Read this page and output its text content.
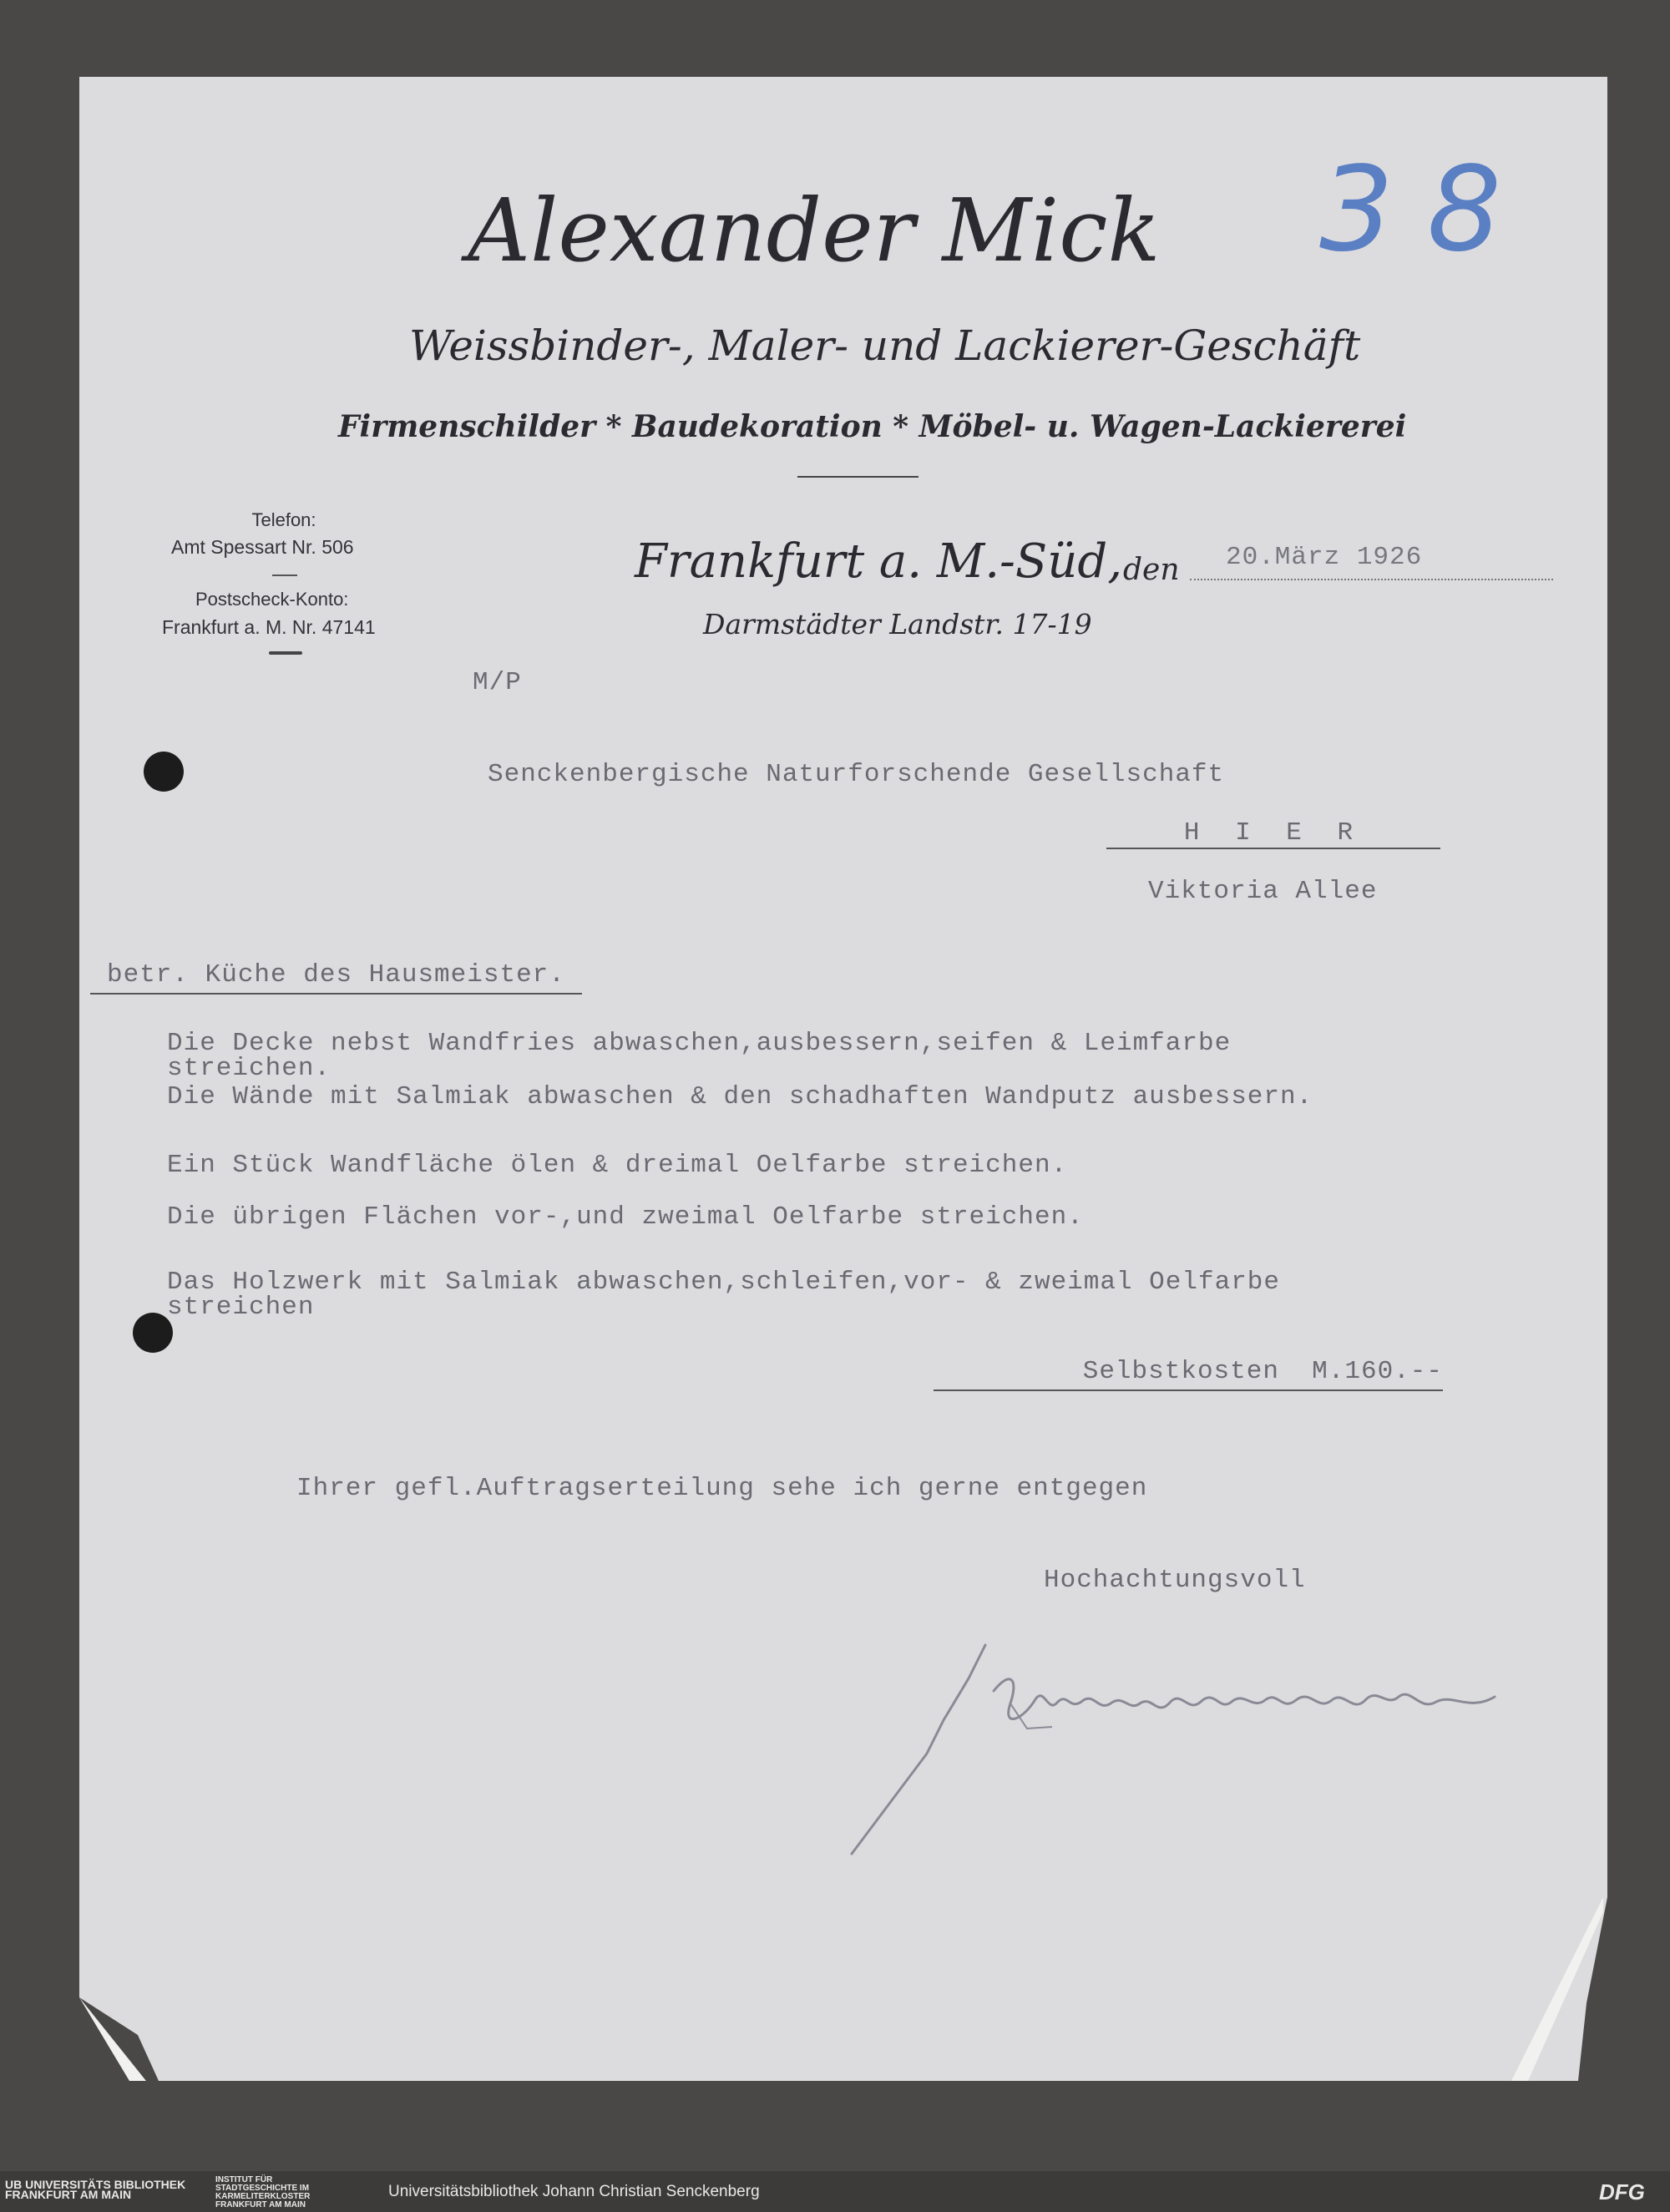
38
Alexander Mick
Weissbinder-, Maler- und Lackierer-Geschäft
Firmenschilder * Baudekoration * Möbel- u. Wagen-Lackiererei
Telefon:
Amt Spessart Nr. 506
Postscheck-Konto:
Frankfurt a. M. Nr. 47141
Frankfurt a. M.-Süd, den 20.März 1926
Darmstädter Landstr. 17-19
M/P
Senckenbergische Naturforschende Gesellschaft
H I E R
Viktoria Allee
betr. Küche des Hausmeister.
Die Decke nebst Wandfries abwaschen,ausbessern,seifen & Leimfarbe
streichen.
Die Wände mit Salmiak abwaschen & den schadhaften Wandputz ausbessern.
Ein Stück Wandfläche ölen & dreimal Oelfarbe streichen.
Die übrigen Flächen vor-,und zweimal Oelfarbe streichen.
Das Holzwerk mit Salmiak abwaschen,schleifen,vor- & zweimal Oelfarbe
streichen
Selbstkosten  M.160.--
Ihrer gefl.Auftragserteilung sehe ich gerne entgegen
Hochachtungsvoll
UB UNIVERSITÄTS BIBLIOTHEK FRANKFURT AM MAIN
INSTITUT FÜR STADTGESCHICHTE IM KARMELITERKLOSTER FRANKFURT AM MAIN
Universitätsbibliothek Johann Christian Senckenberg	DFG
